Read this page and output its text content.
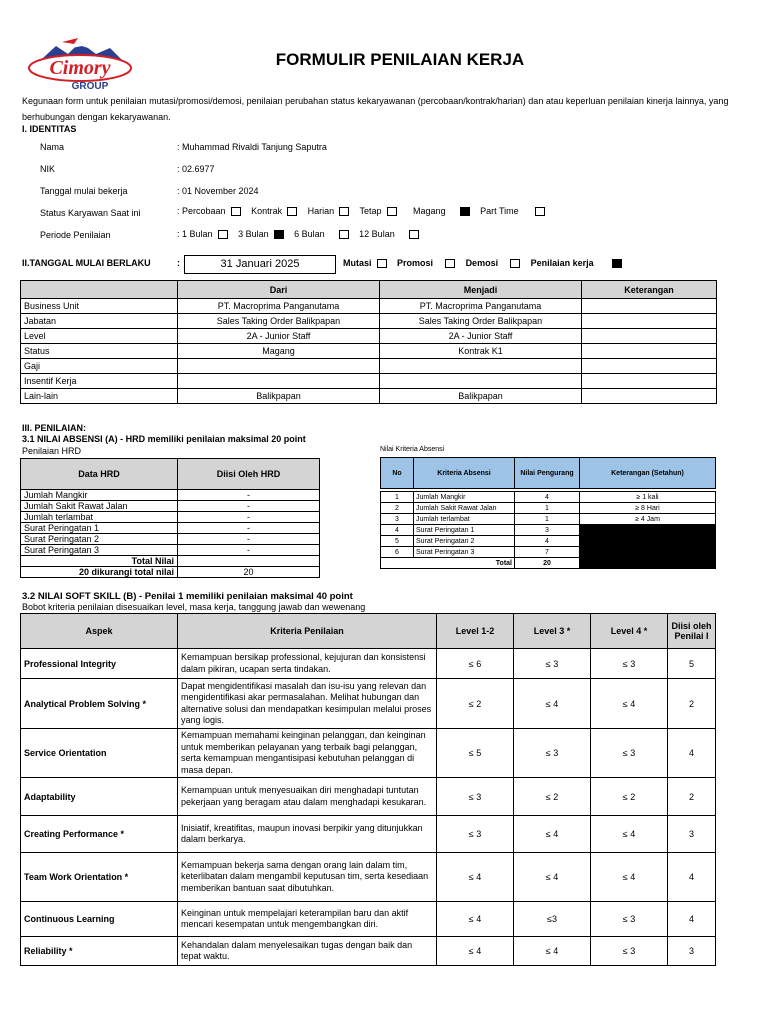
Cimory
GROUP
FORMULIR PENILAIAN KERJA
Kegunaan form untuk penilaian mutasi/promosi/demosi, penilaian perubahan status kekaryawanan (percobaan/kontrak/harian) dan atau keperluan penilaian kinerja lainnya, yang berhubungan dengan kekaryawanan.
I. IDENTITAS
Nama	: Muhammad Rivaldi Tanjung Saputra
NIK	: 02.6977
Tanggal mulai bekerja	: 01 November 2024
Status Karyawan Saat ini	: Percobaan	Kontrak	Harian	Tetap	Magang	Part Time
Periode Penilaian	: 1 Bulan	3 Bulan	6 Bulan	12 Bulan
II.TANGGAL MULAI BERLAKU	:	31 Januari 2025	Mutasi	Promosi	Demosi	Penilaian kerja
	Dari	Menjadi	Keterangan
Business Unit	PT. Macroprima Panganutama	PT. Macroprima Panganutama	
Jabatan	Sales Taking Order Balikpapan	Sales Taking Order Balikpapan	
Level	2A - Junior Staff	2A - Junior Staff	
Status	Magang	Kontrak K1	
Gaji			
Insentif Kerja			
Lain-lain	Balikpapan	Balikpapan	
III. PENILAIAN:
3.1 NILAI ABSENSI (A) - HRD memiliki penilaian maksimal 20 point
Penilaian HRD	Nilai Kriteria Absensi
Data HRD	Diisi Oleh HRD
Jumlah Mangkir	-
Jumlah Sakit Rawat Jalan	-
Jumlah terlambat	-
Surat Peringatan 1	-
Surat Peringatan 2	-
Surat Peringatan 3	-
Total Nilai	
20 dikurangi total nilai	20
No	Kriteria Absensi	Nilai Pengurang	Keterangan (Setahun)

1	Jumlah Mangkir	4	≥ 1 kali
2	Jumlah Sakit Rawat Jalan	1	≥ 8 Hari
3	Jumlah terlambat	1	≥ 4 Jam
4	Surat Peringatan 1	3	
5	Surat Peringatan 2	4	
6	Surat Peringatan 3	7	
Total		20	
3.2 NILAI SOFT SKILL (B) - Penilai 1 memiliki penilaian maksimal 40 point
Bobot kriteria penilaian disesuaikan level, masa kerja, tanggung jawab dan wewenang
Aspek	Kriteria Penilaian	Level 1-2	Level 3 *	Level 4 *	Diisi oleh Penilai I
Professional Integrity	Kemampuan bersikap professional, kejujuran dan konsistensi dalam pikiran, ucapan serta tindakan.	≤ 6	≤ 3	≤ 3	5
Analytical Problem Solving *	Dapat mengidentifikasi masalah dan isu-isu yang relevan dan mengidentifikasi akar permasalahan. Melihat hubungan dan alternative solusi dan mendapatkan kesimpulan melalui proses yang logis.	≤ 2	≤ 4	≤ 4	2
Service Orientation	Kemampuan memahami keinginan pelanggan, dan keinginan untuk memberikan pelayanan yang terbaik bagi pelanggan, serta kemampuan mengantisipasi kebutuhan pelanggan di masa depan.	≤ 5	≤ 3	≤ 3	4
Adaptability	Kemampuan untuk menyesuaikan diri menghadapi tuntutan pekerjaan yang beragam atau dalam menghadapi kesukaran.	≤ 3	≤ 2	≤ 2	2
Creating Performance *	Inisiatif, kreatifitas, maupun inovasi berpikir yang ditunjukkan dalam berkarya.	≤ 3	≤ 4	≤ 4	3
Team Work Orientation *	Kemampuan bekerja sama dengan orang lain dalam tim, keterlibatan dalam mengambil keputusan tim, serta kesediaan memberikan bantuan saat dibutuhkan.	≤ 4	≤ 4	≤ 4	4
Continuous Learning	Keinginan untuk mempelajari keterampilan baru dan aktif mencari kesempatan untuk mengembangkan diri.	≤ 4	≤3	≤ 3	4
Reliability *	Kehandalan dalam menyelesaikan tugas dengan baik dan tepat waktu.	≤ 4	≤ 4	≤ 3	3
